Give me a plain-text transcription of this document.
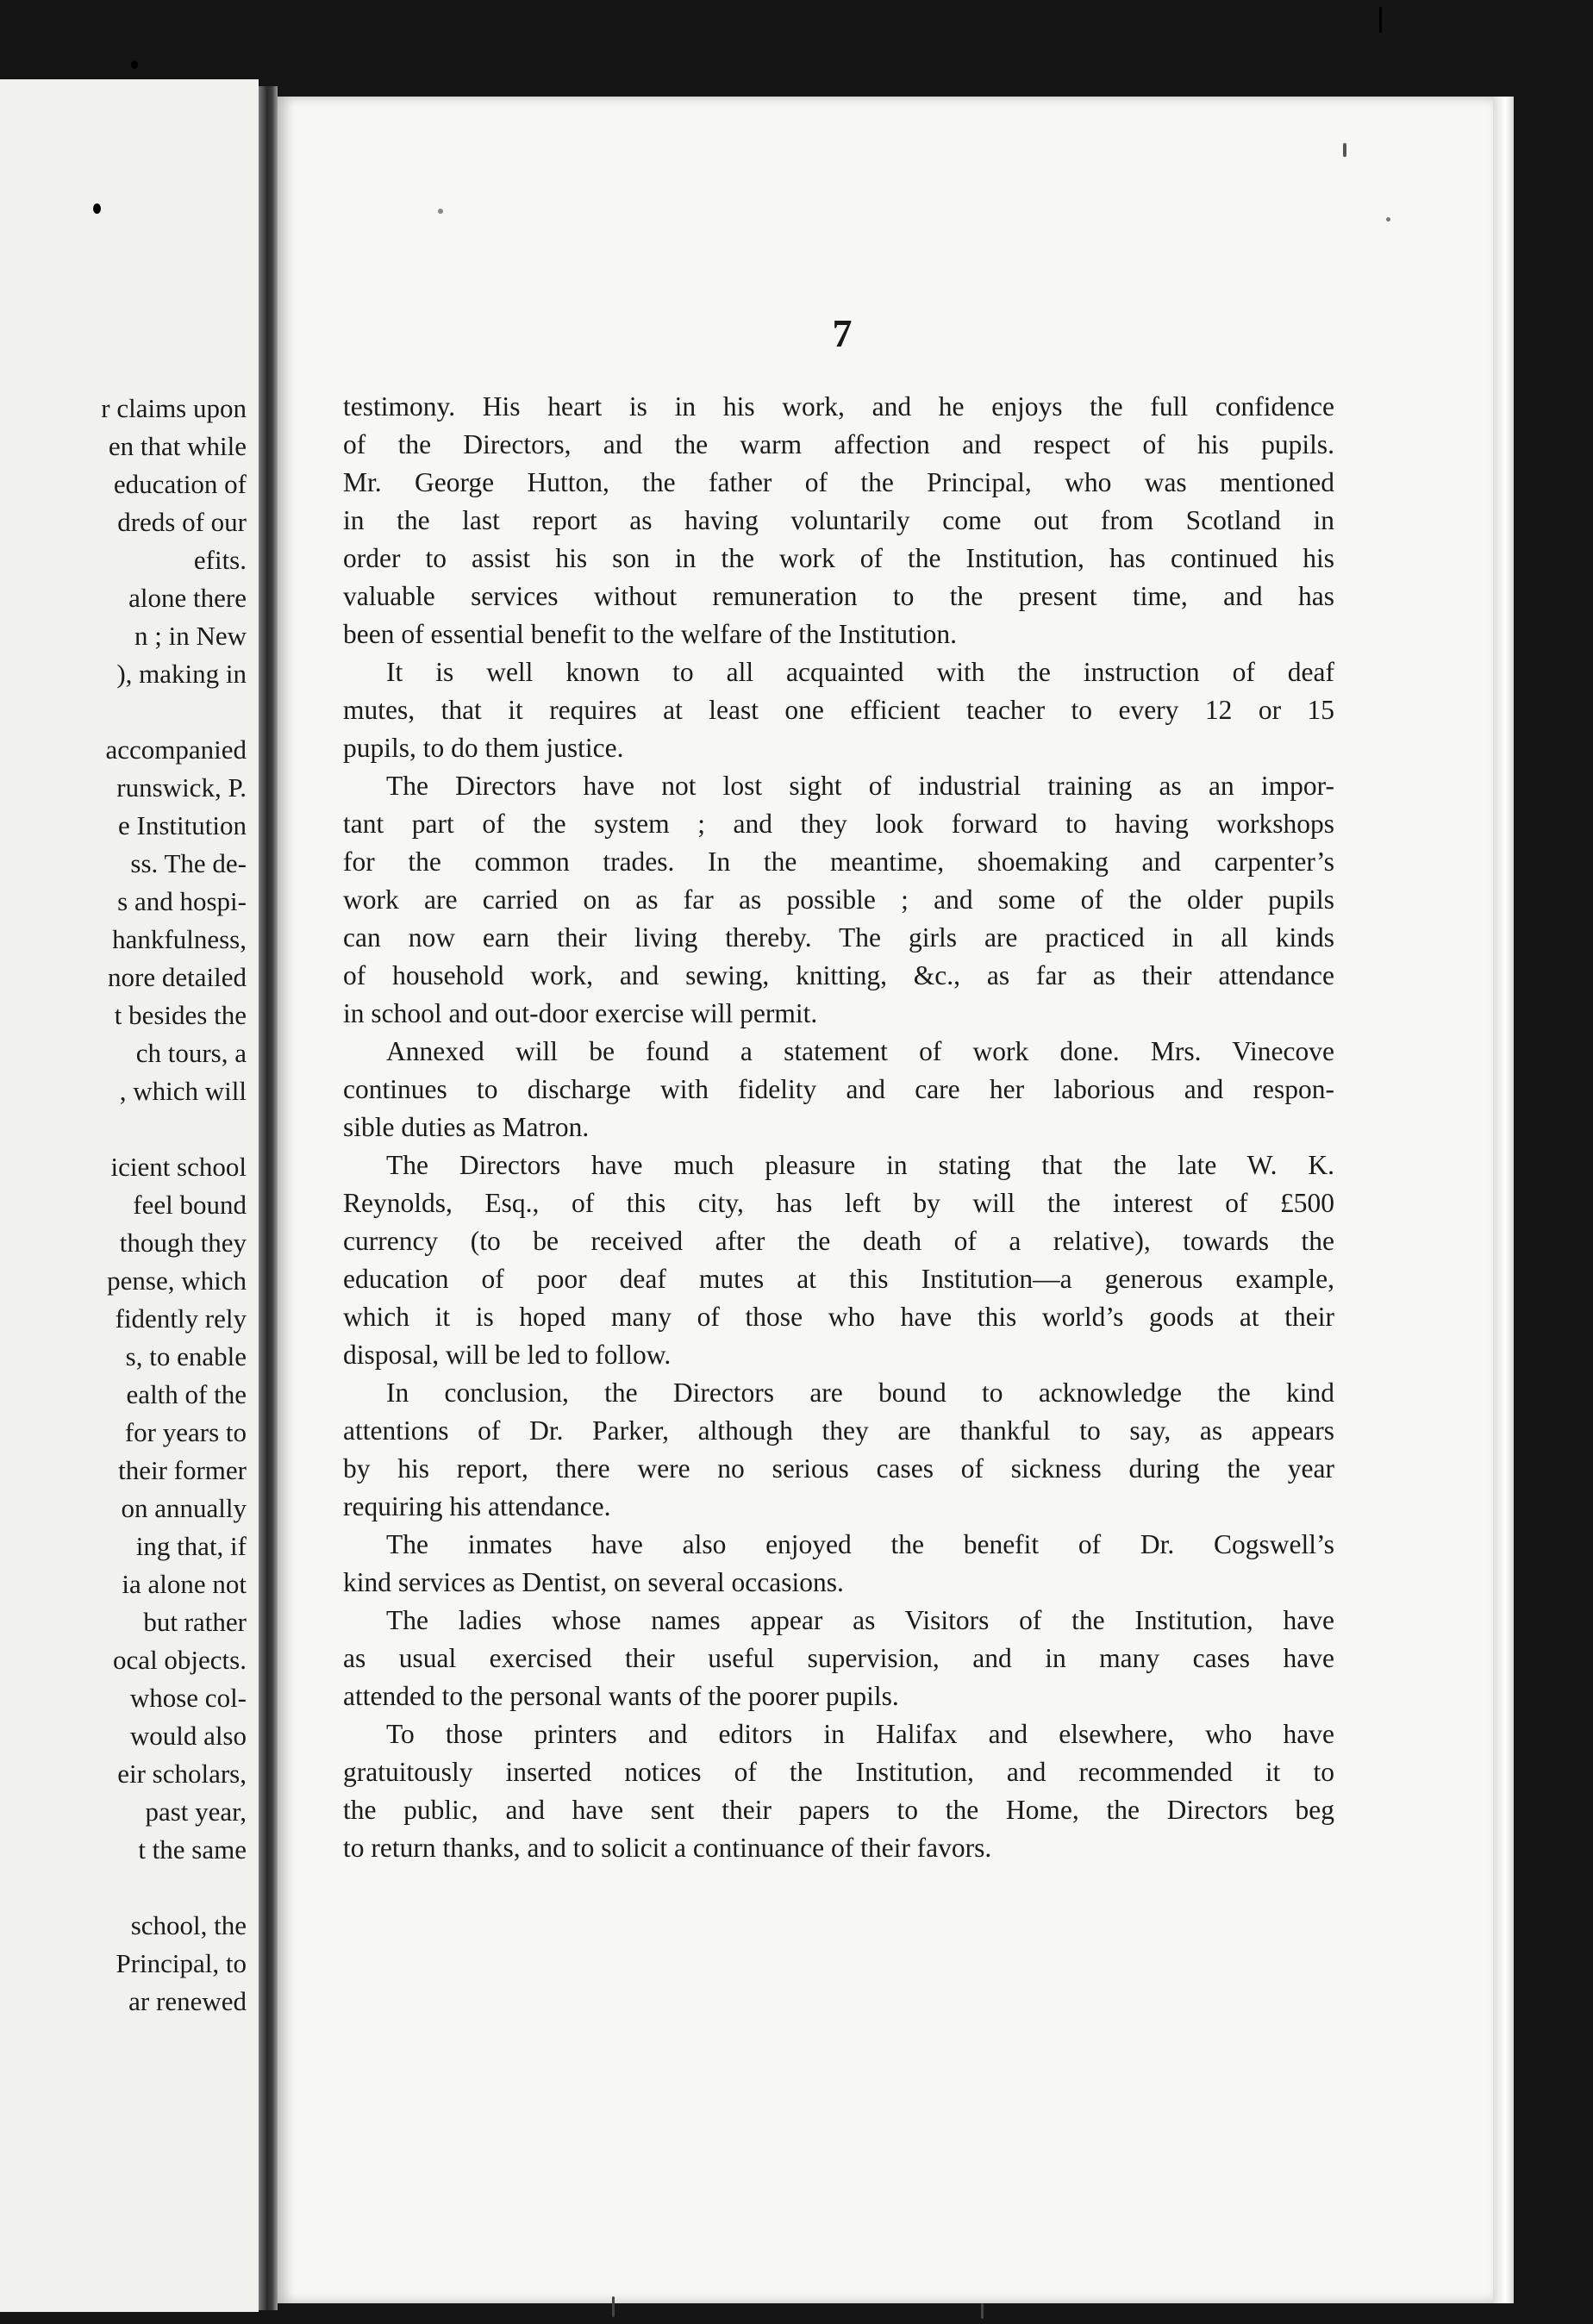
r claims upon
en that while
education of
dreds of our
efits.
alone there
n ; in New
), making in
accompanied
runswick, P.
e Institution
ss. The de-
s and hospi-
hankfulness,
nore detailed
t besides the
ch tours, a
, which will
icient school
feel bound
though they
pense, which
fidently rely
s, to enable
ealth of the
for years to
their former
on annually
ing that, if
ia alone not
but rather
ocal objects.
whose col-
would also
eir scholars,
past year,
t the same
school, the
Principal, to
ar renewed
7
testimony. His heart is in his work, and he enjoys the full confidence
of the Directors, and the warm affection and respect of his pupils.
Mr. George Hutton, the father of the Principal, who was mentioned
in the last report as having voluntarily come out from Scotland in
order to assist his son in the work of the Institution, has continued his
valuable services without remuneration to the present time, and has
been of essential benefit to the welfare of the Institution.
It is well known to all acquainted with the instruction of deaf
mutes, that it requires at least one efficient teacher to every 12 or 15
pupils, to do them justice.
The Directors have not lost sight of industrial training as an impor-
tant part of the system ; and they look forward to having workshops
for the common trades. In the meantime, shoemaking and carpenter’s
work are carried on as far as possible ; and some of the older pupils
can now earn their living thereby. The girls are practiced in all kinds
of household work, and sewing, knitting, &c., as far as their attendance
in school and out-door exercise will permit.
Annexed will be found a statement of work done. Mrs. Vinecove
continues to discharge with fidelity and care her laborious and respon-
sible duties as Matron.
The Directors have much pleasure in stating that the late W. K.
Reynolds, Esq., of this city, has left by will the interest of £500
currency (to be received after the death of a relative), towards the
education of poor deaf mutes at this Institution—a generous example,
which it is hoped many of those who have this world’s goods at their
disposal, will be led to follow.
In conclusion, the Directors are bound to acknowledge the kind
attentions of Dr. Parker, although they are thankful to say, as appears
by his report, there were no serious cases of sickness during the year
requiring his attendance.
The inmates have also enjoyed the benefit of Dr. Cogswell’s
kind services as Dentist, on several occasions.
The ladies whose names appear as Visitors of the Institution, have
as usual exercised their useful supervision, and in many cases have
attended to the personal wants of the poorer pupils.
To those printers and editors in Halifax and elsewhere, who have
gratuitously inserted notices of the Institution, and recommended it to
the public, and have sent their papers to the Home, the Directors beg
to return thanks, and to solicit a continuance of their favors.
